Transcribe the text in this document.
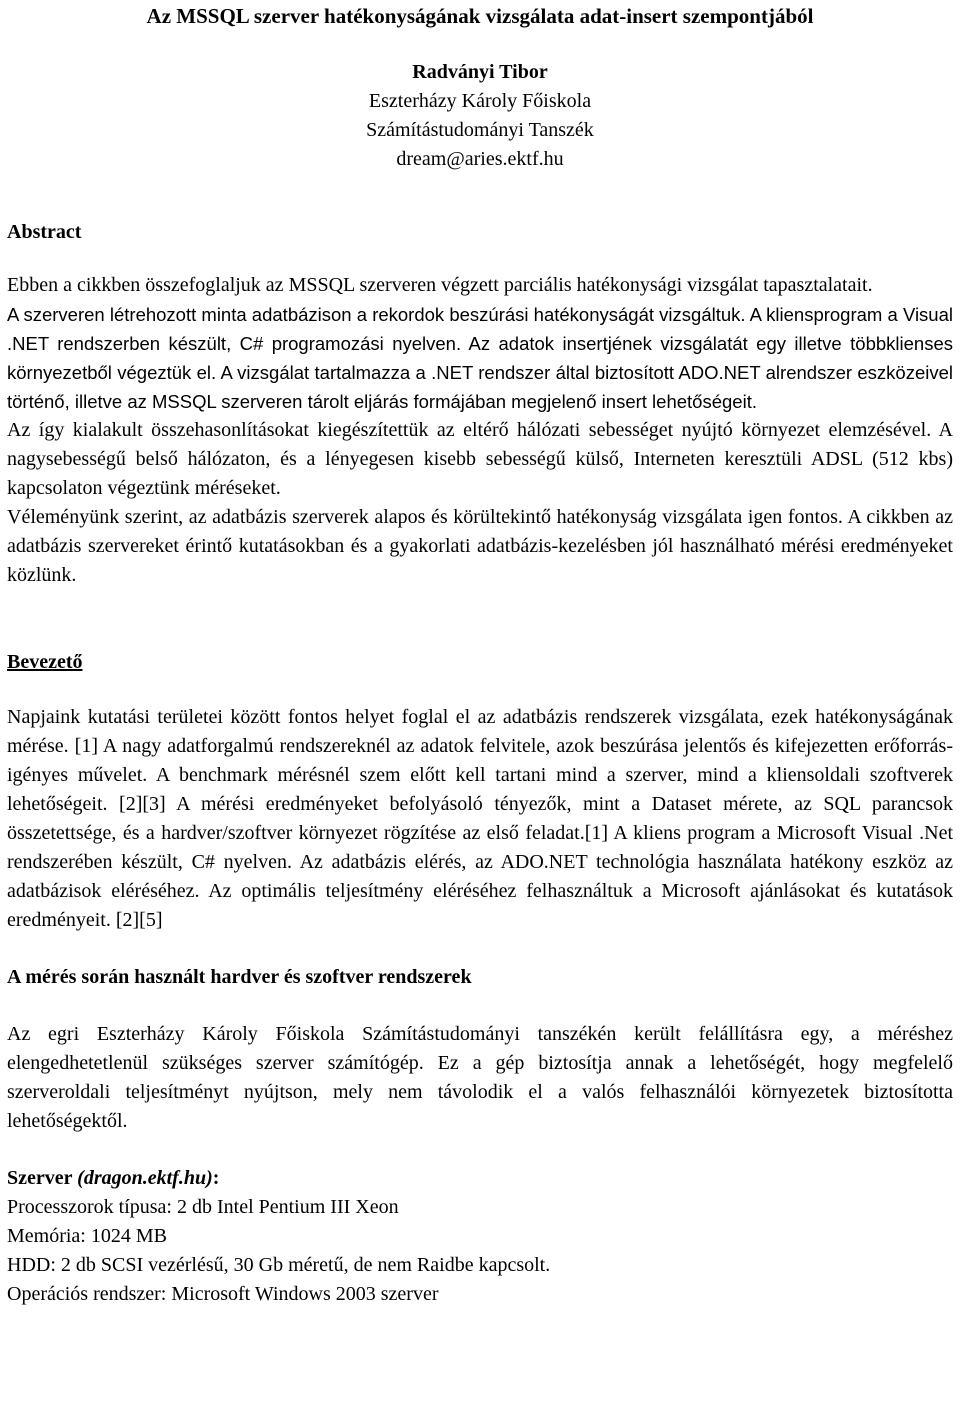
Az MSSQL szerver hatékonyságának vizsgálata adat-insert szempontjából
Radványi Tibor
Eszterházy Károly Főiskola
Számítástudományi Tanszék
dream@aries.ektf.hu
Abstract

Ebben a cikkben összefoglaljuk az MSSQL szerveren végzett parciális hatékonysági vizsgálat tapasztalatait.

A szerveren létrehozott minta adatbázison a rekordok beszúrási hatékonyságát vizsgáltuk. A kliensprogram a Visual .NET rendszerben készült, C# programozási nyelven. Az adatok insertjének vizsgálatát egy illetve többklienses környezetből végeztük el. A vizsgálat tartalmazza a .NET rendszer által biztosított ADO.NET alrendszer eszközeivel történő, illetve az MSSQL szerveren tárolt eljárás formájában megjelenő insert lehetőségeit.

Az így kialakult összehasonlításokat kiegészítettük az eltérő hálózati sebességet nyújtó környezet elemzésével. A nagysebességű belső hálózaton, és a lényegesen kisebb sebességű külső, Interneten keresztüli ADSL (512 kbs) kapcsolaton végeztünk méréseket.

Véleményünk szerint, az adatbázis szerverek alapos és körültekintő hatékonyság vizsgálata igen fontos. A cikkben az adatbázis szervereket érintő kutatásokban és a gyakorlati adatbázis-kezelésben jól használható mérési eredményeket közlünk.

Bevezető

Napjaink kutatási területei között fontos helyet foglal el az adatbázis rendszerek vizsgálata, ezek hatékonyságának mérése. [1] A nagy adatforgalmú rendszereknél az adatok felvitele, azok beszúrása jelentős és kifejezetten erőforrás-igényes művelet. A benchmark mérésnél szem előtt kell tartani mind a szerver, mind a kliensoldali szoftverek lehetőségeit. [2][3] A mérési eredményeket befolyásoló tényezők, mint a Dataset mérete, az SQL parancsok összetettsége, és a hardver/szoftver környezet rögzítése az első feladat.[1] A kliens program a Microsoft Visual .Net rendszerében készült, C# nyelven. Az adatbázis elérés, az ADO.NET technológia használata hatékony eszköz az adatbázisok eléréséhez. Az optimális teljesítmény eléréséhez felhasználtuk a Microsoft ajánlásokat és kutatások eredményeit. [2][5]

A mérés során használt hardver és szoftver rendszerek

Az egri Eszterházy Károly Főiskola Számítástudományi tanszékén került felállításra egy, a méréshez elengedhetetlenül szükséges szerver számítógép. Ez a gép biztosítja annak a lehetőségét, hogy megfelelő szerveroldali teljesítményt nyújtson, mely nem távolodik el a valós felhasználói környezetek biztosította lehetőségektől.

Szerver (dragon.ektf.hu):
Processzorok típusa: 2 db Intel Pentium III Xeon
Memória: 1024 MB
HDD: 2 db SCSI vezérlésű, 30 Gb méretű, de nem Raidbe kapcsolt.
Operációs rendszer: Microsoft Windows 2003 szerver
